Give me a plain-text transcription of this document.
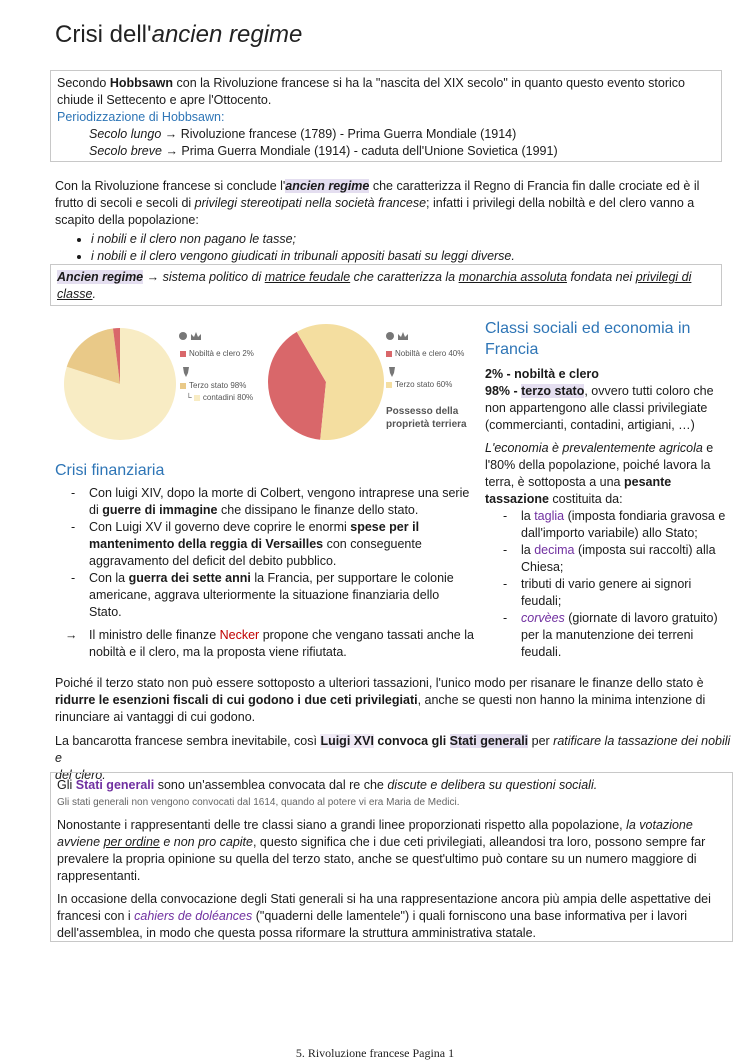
Crisi dell'ancien regime

Secondo Hobbsawn con la Rivoluzione francese si ha la "nascita del XIX secolo" in quanto questo evento storico

chiude il Settecento e apre l'Ottocento.

Periodizzazione di Hobbsawn:

Secolo lungo → Rivoluzione francese (1789) - Prima Guerra Mondiale (1914)

Secolo breve → Prima Guerra Mondiale (1914) - caduta dell'Unione Sovietica (1991)

Con la Rivoluzione francese si conclude l'ancien regime che caratterizza il Regno di Francia fin dalle crociate ed è il

frutto di secoli e secoli di privilegi stereotipati nella società francese; infatti i privilegi della nobiltà e del clero vanno a

scapito della popolazione:

• i nobili e il clero non pagano le tasse;
• i nobili e il clero vengono giudicati in tribunali appositi basati su leggi diverse.

Ancien regime → sistema politico di matrice feudale che caratterizza la monarchia assoluta fondata nei privilegi di

classe.

Nobiltà e clero 2%
Terzo stato 98%
└ contadini 80%
Nobiltà e clero 40%
Terzo stato 60%
Possesso della
proprietà terriera
Classi sociali ed economia in
Francia

2% - nobiltà e clero

98% - terzo stato, ovvero tutti coloro che

non appartengono alle classi privilegiate

(commercianti, contadini, artigiani, …)

L'economia è prevalentemente agricola e

l'80% della popolazione, poiché lavora la

terra, è sottoposta a una pesante

tassazione costituita da:

- la taglia (imposta fondiaria gravosa e
dall'importo variabile) allo Stato;
- la decima (imposta sui raccolti) alla
Chiesa;
- tributi di vario genere ai signori
feudali;
- corvèes (giornate di lavoro gratuito)
per la manutenzione dei terreni
feudali.
Crisi finanziaria
- Con luigi XIV, dopo la morte di Colbert, vengono intraprese una serie
di guerre di immagine che dissipano le finanze dello stato.
- Con Luigi XV il governo deve coprire le enormi spese per il
mantenimento della reggia di Versailles con conseguente
aggravamento del deficit del debito pubblico.
- Con la guerra dei sette anni la Francia, per supportare le colonie
americane, aggrava ulteriormente la situazione finanziaria dello
Stato.
→ Il ministro delle finanze Necker propone che vengano tassati anche la

nobiltà e il clero, ma la proposta viene rifiutata.

Poiché il terzo stato non può essere sottoposto a ulteriori tassazioni, l'unico modo per risanare le finanze dello stato è

ridurre le esenzioni fiscali di cui godono i due ceti privilegiati, anche se questi non hanno la minima intenzione di

rinunciare ai vantaggi di cui godono.

La bancarotta francese sembra inevitabile, così Luigi XVI convoca gli Stati generali per ratificare la tassazione dei nobili e

del clero.

Gli Stati generali sono un'assemblea convocata dal re che discute e delibera su questioni sociali.

Gli stati generali non vengono convocati dal 1614, quando al potere vi era Maria de Medici.

Nonostante i rappresentanti delle tre classi siano a grandi linee proporzionati rispetto alla popolazione, la votazione

avviene per ordine e non pro capite, questo significa che i due ceti privilegiati, alleandosi tra loro, possono sempre far

prevalere la propria opinione su quella del terzo stato, anche se quest'ultimo può contare su un numero maggiore di

rappresentanti.

In occasione della convocazione degli Stati generali si ha una rappresentazione ancora più ampia delle aspettative dei

francesi con i cahiers de doléances ("quaderni delle lamentele") i quali forniscono una base informativa per i lavori

dell'assemblea, in modo che questa possa riformare la struttura amministrativa statale.

5. Rivoluzione francese Pagina 1
